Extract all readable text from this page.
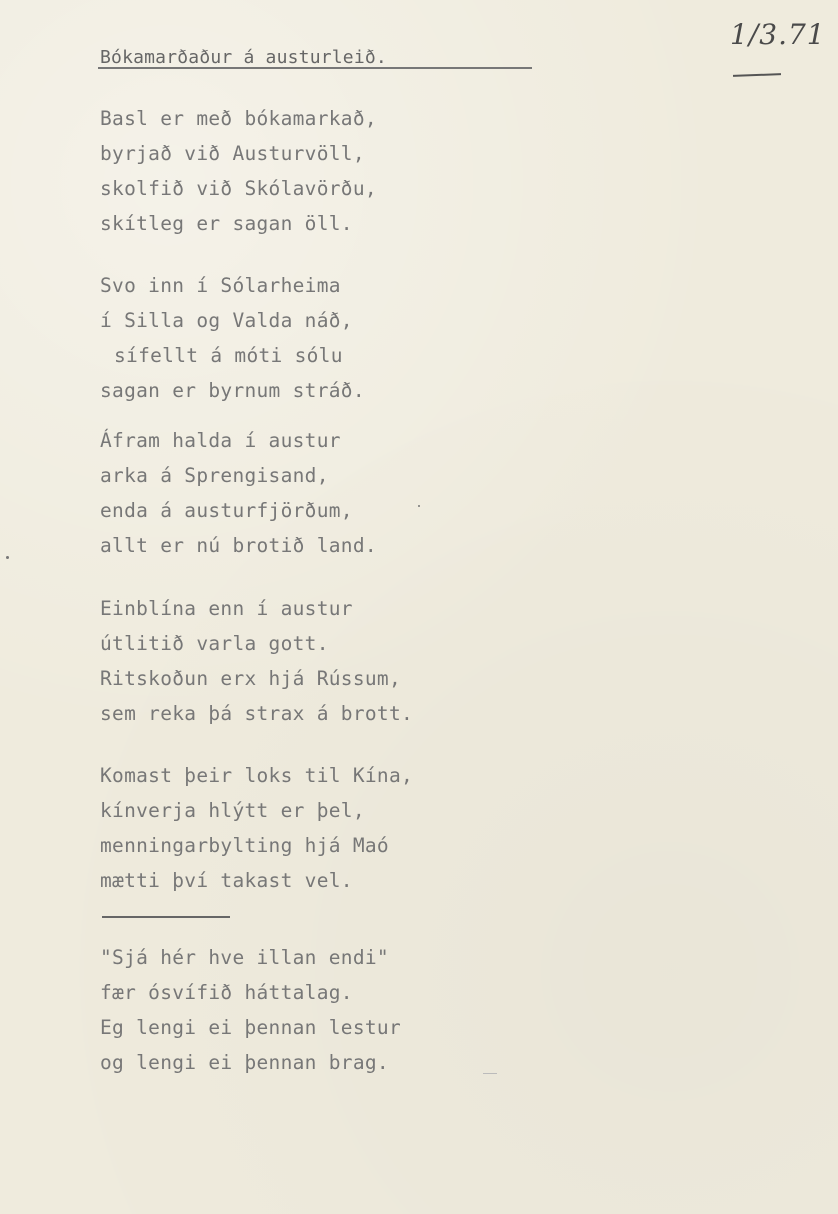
1/3.71
Bókamarðaður á austurleið.
Basl er með bókamarkað,
byrjað við Austurvöll,
skolfið við Skólavörðu,
skítleg er sagan öll.
Svo inn í Sólarheima
í Silla og Valda náð,
sífellt á móti sólu
sagan er byrnum stráð.
Áfram halda í austur
arka á Sprengisand,
enda á austurfjörðum,
allt er nú brotið land.
Einblína enn í austur
útlitið varla gott.
Ritskoðun erx hjá Rússum,
sem reka þá strax á brott.
Komast þeir loks til Kína,
kínverja hlýtt er þel,
menningarbylting hjá Maó
mætti því takast vel.
"Sjá hér hve illan endi"
fær ósvífið háttalag.
Eg lengi ei þennan lestur
og lengi ei þennan brag.
